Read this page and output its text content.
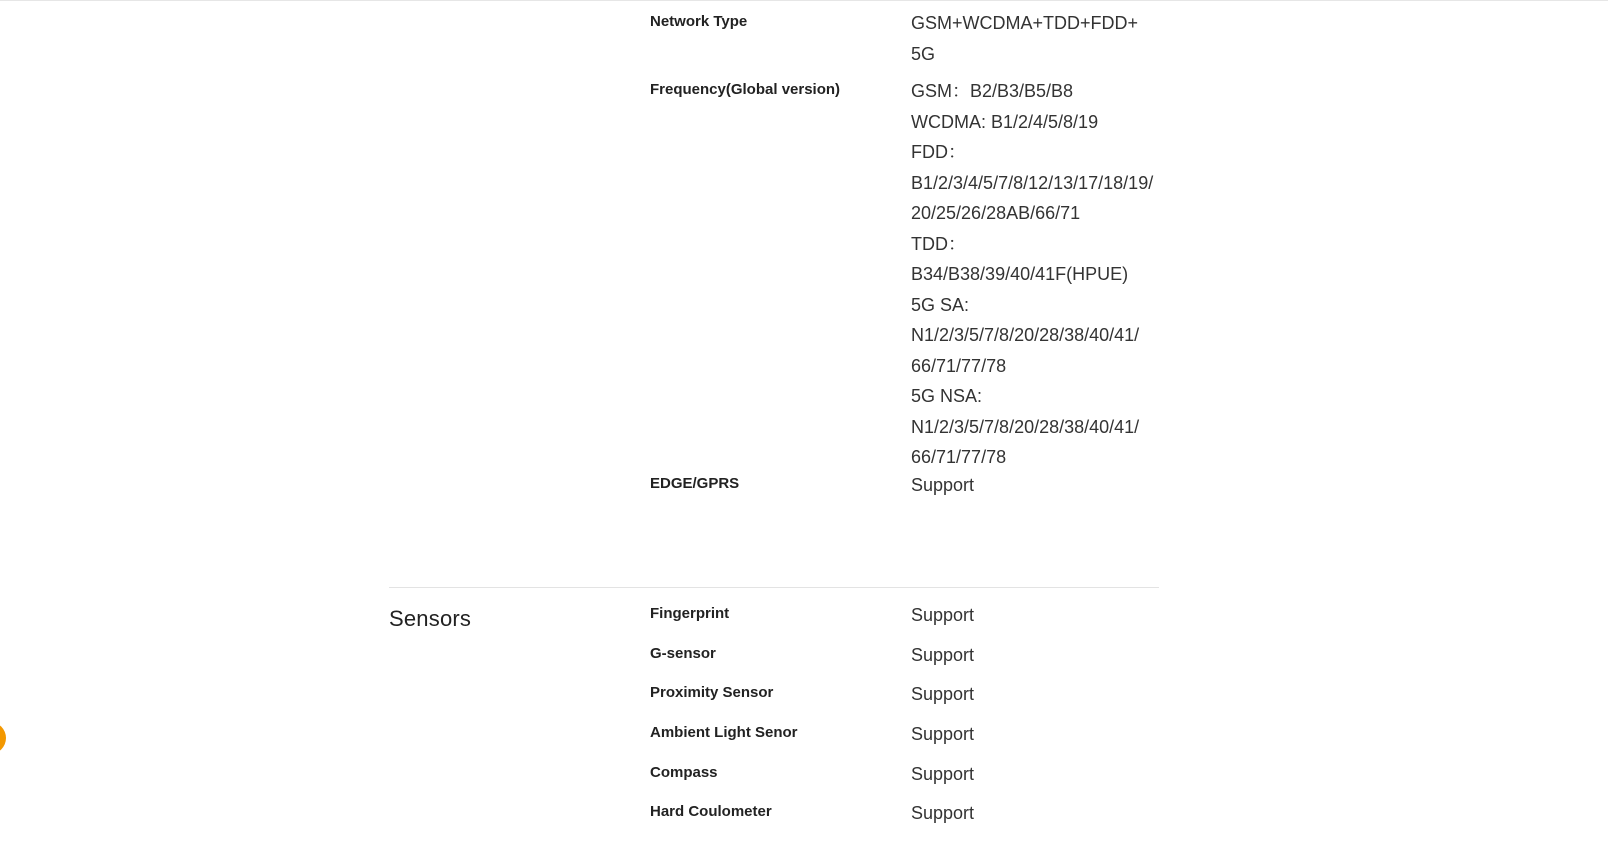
Network Type	GSM+WCDMA+TDD+FDD+
5G
Frequency(Global version)	GSM：B2/B3/B5/B8
WCDMA: B1/2/4/5/8/19
FDD：
B1/2/3/4/5/7/8/12/13/17/18/19/
20/25/26/28AB/66/71
TDD：
B34/B38/39/40/41F(HPUE)
5G SA:
N1/2/3/5/7/8/20/28/38/40/41/
66/71/77/78
5G NSA:
N1/2/3/5/7/8/20/28/38/40/41/
66/71/77/78
EDGE/GPRS	Support
Sensors	Fingerprint	Support
G-sensor	Support
Proximity Sensor	Support
Ambient Light Senor	Support
Compass	Support
Hard Coulometer	Support
